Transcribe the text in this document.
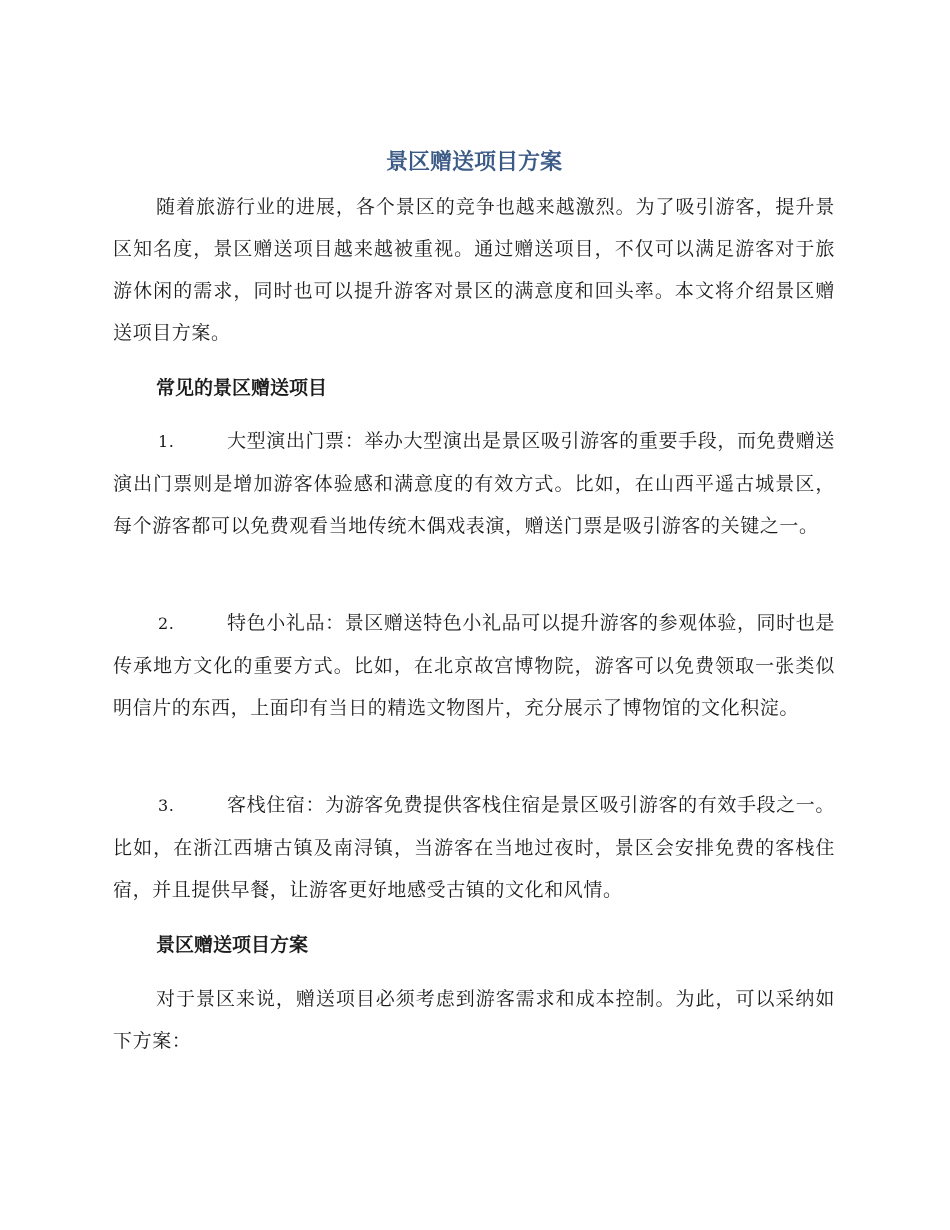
景区赠送项目方案

随着旅游行业的进展，各个景区的竞争也越来越激烈。为了吸引游客，提升景区知名度，景区赠送项目越来越被重视。通过赠送项目，不仅可以满足游客对于旅游休闲的需求，同时也可以提升游客对景区的满意度和回头率。本文将介绍景区赠送项目方案。

常见的景区赠送项目

1.	大型演出门票：举办大型演出是景区吸引游客的重要手段，而免费赠送演出门票则是增加游客体验感和满意度的有效方式。比如，在山西平遥古城景区，每个游客都可以免费观看当地传统木偶戏表演，赠送门票是吸引游客的关键之一。

2.	特色小礼品：景区赠送特色小礼品可以提升游客的参观体验，同时也是传承地方文化的重要方式。比如，在北京故宫博物院，游客可以免费领取一张类似明信片的东西，上面印有当日的精选文物图片，充分展示了博物馆的文化积淀。

3.	客栈住宿：为游客免费提供客栈住宿是景区吸引游客的有效手段之一。比如，在浙江西塘古镇及南浔镇，当游客在当地过夜时，景区会安排免费的客栈住宿，并且提供早餐，让游客更好地感受古镇的文化和风情。

景区赠送项目方案

对于景区来说，赠送项目必须考虑到游客需求和成本控制。为此，可以采纳如下方案：
